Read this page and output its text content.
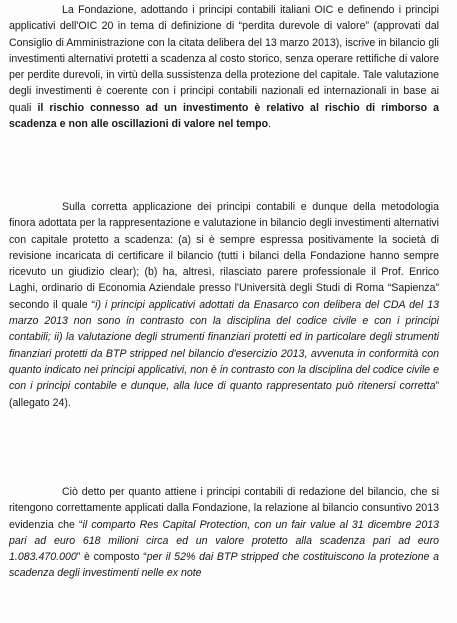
La Fondazione, adottando i principi contabili italiani OIC e definendo i principi applicativi dell'OIC 20 in tema di definizione di “perdita durevole di valore” (approvati dal Consiglio di Amministrazione con la citata delibera del 13 marzo 2013), iscrive in bilancio gli investimenti alternativi protetti a scadenza al costo storico, senza operare rettifiche di valore per perdite durevoli, in virtù della sussistenza della protezione del capitale. Tale valutazione degli investimenti è coerente con i principi contabili nazionali ed internazionali in base ai quali il rischio connesso ad un investimento è relativo al rischio di rimborso a scadenza e non alle oscillazioni di valore nel tempo.

Sulla corretta applicazione dei principi contabili e dunque della metodologia finora adottata per la rappresentazione e valutazione in bilancio degli investimenti alternativi con capitale protetto a scadenza: (a) si è sempre espressa positivamente la società di revisione incaricata di certificare il bilancio (tutti i bilanci della Fondazione hanno sempre ricevuto un giudizio clear); (b) ha, altresì, rilasciato parere professionale il Prof. Enrico Laghi, ordinario di Economia Aziendale presso l'Università degli Studi di Roma “Sapienza” secondo il quale “i) i principi applicativi adottati da Enasarco con delibera del CDA del 13 marzo 2013 non sono in contrasto con la disciplina del codice civile e con i principi contabili; ii) la valutazione degli strumenti finanziari protetti ed in particolare degli strumenti finanziari protetti da BTP stripped nel bilancio d'esercizio 2013, avvenuta in conformità con quanto indicato nei principi applicativi, non è in contrasto con la disciplina del codice civile e con i principi contabile e dunque, alla luce di quanto rappresentato può ritenersi corretta” (allegato 24).

Ciò detto per quanto attiene i principi contabili di redazione del bilancio, che si ritengono correttamente applicati dalla Fondazione, la relazione al bilancio consuntivo 2013 evidenzia che “il comparto Res Capital Protection, con un fair value al 31 dicembre 2013 pari ad euro 618 milioni circa ed un valore protetto alla scadenza pari ad euro 1.083.470.000” è composto “per il 52% dai BTP stripped che costituiscono la protezione a scadenza degli investimenti nelle ex note
